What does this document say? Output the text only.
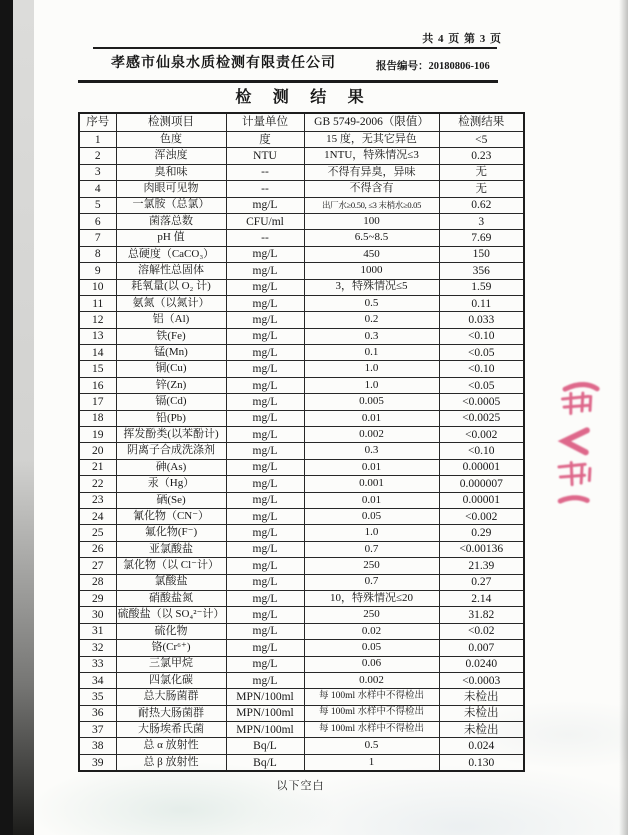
共 4 页 第 3 页
孝感市仙泉水质检测有限责任公司	报告编号：20180806-106
检 测 结 果
序号	检测项目	计量单位	GB 5749-2006（限值）	检测结果
1	色度	度	15 度，无其它异色	<5
2	浑浊度	NTU	1NTU，特殊情况≤3	0.23
3	臭和味	--	不得有异臭，异味	无
4	肉眼可见物	--	不得含有	无
5	一氯胺（总氯）	mg/L	出厂水≥0.50, ≤3 末梢水≥0.05	0.62
6	菌落总数	CFU/ml	100	3
7	pH 值	--	6.5~8.5	7.69
8	总硬度（CaCO₃）	mg/L	450	150
9	溶解性总固体	mg/L	1000	356
10	耗氧量(以 O₂ 计)	mg/L	3，特殊情况≤5	1.59
11	氨氮（以氮计）	mg/L	0.5	0.11
12	铝（Al)	mg/L	0.2	0.033
13	铁(Fe)	mg/L	0.3	<0.10
14	锰(Mn)	mg/L	0.1	<0.05
15	铜(Cu)	mg/L	1.0	<0.10
16	锌(Zn)	mg/L	1.0	<0.05
17	镉(Cd)	mg/L	0.005	<0.0005
18	铅(Pb)	mg/L	0.01	<0.0025
19	挥发酚类(以苯酚计)	mg/L	0.002	<0.002
20	阴离子合成洗涤剂	mg/L	0.3	<0.10
21	砷(As)	mg/L	0.01	0.00001
22	汞（Hg）	mg/L	0.001	0.000007
23	硒(Se)	mg/L	0.01	0.00001
24	氰化物（CN⁻）	mg/L	0.05	<0.002
25	氟化物(F⁻)	mg/L	1.0	0.29
26	亚氯酸盐	mg/L	0.7	<0.00136
27	氯化物（以 Cl⁻计）	mg/L	250	21.39
28	氯酸盐	mg/L	0.7	0.27
29	硝酸盐氮	mg/L	10，特殊情况≤20	2.14
30	硫酸盐（以 SO₄²⁻计）	mg/L	250	31.82
31	硫化物	mg/L	0.02	<0.02
32	铬(Cr⁶⁺)	mg/L	0.05	0.007
33	三氯甲烷	mg/L	0.06	0.0240
34	四氯化碳	mg/L	0.002	<0.0003
35	总大肠菌群	MPN/100ml	每 100ml 水样中不得检出	未检出
36	耐热大肠菌群	MPN/100ml	每 100ml 水样中不得检出	未检出
37	大肠埃希氏菌	MPN/100ml	每 100ml 水样中不得检出	未检出
38	总 α 放射性	Bq/L	0.5	0.024
39	总 β 放射性	Bq/L	1	0.130
以下空白
